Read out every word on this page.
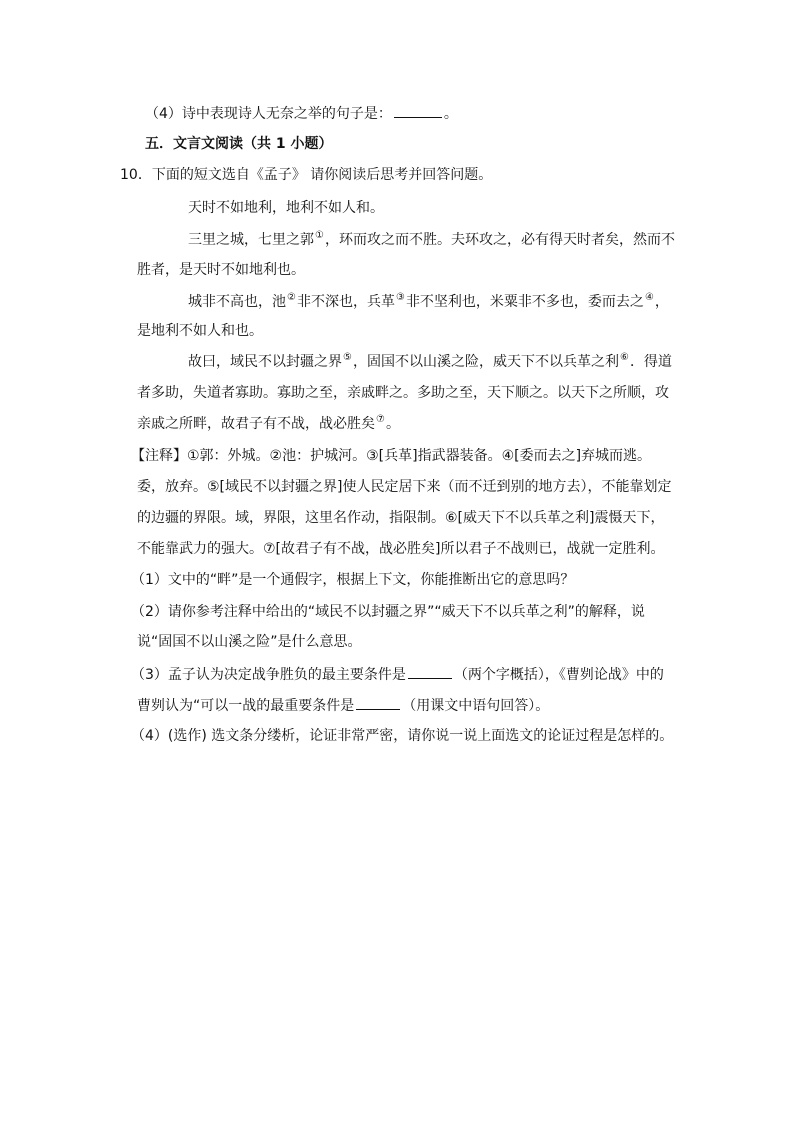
（4）诗中表现诗人无奈之举的句子是：	。
五．文言文阅读（共 1 小题）
10．下面的短文选自《孟子》 请你阅读后思考并回答问题。
天时不如地利，地利不如人和。
三里之城，七里之郭①，环而攻之而不胜。夫环攻之，必有得天时者矣，然而不
胜者，是天时不如地利也。
城非不高也，池②非不深也，兵革③非不坚利也，米粟非不多也，委而去之④，
是地利不如人和也。
故曰，域民不以封疆之界⑤，固国不以山溪之险，威天下不以兵革之利⑥．得道
者多助，失道者寡助。寡助之至，亲戚畔之。多助之至，天下顺之。以天下之所顺，攻
亲戚之所畔，故君子有不战，战必胜矣⑦。
【注释】①郭：外城。②池：护城河。③[兵革]指武器装备。④[委而去之]弃城而逃。
委，放弃。⑤[域民不以封疆之界]使人民定居下来（而不迁到别的地方去），不能靠划定
的边疆的界限。域，界限，这里名作动，指限制。⑥[威天下不以兵革之利]震慑天下，
不能靠武力的强大。⑦[故君子有不战，战必胜矣]所以君子不战则已，战就一定胜利。
（1）文中的“畔”是一个通假字，根据上下文，你能推断出它的意思吗？
（2）请你参考注释中给出的“域民不以封疆之界”“威天下不以兵革之利”的解释，说
说“固国不以山溪之险”是什么意思。
（3）孟子认为决定战争胜负的最主要条件是	（两个字概括），《曹刿论战》中的
曹刿认为“可以一战的最重要条件是	（用课文中语句回答）。
（4）(选作) 选文条分缕析，论证非常严密，请你说一说上面选文的论证过程是怎样的。
